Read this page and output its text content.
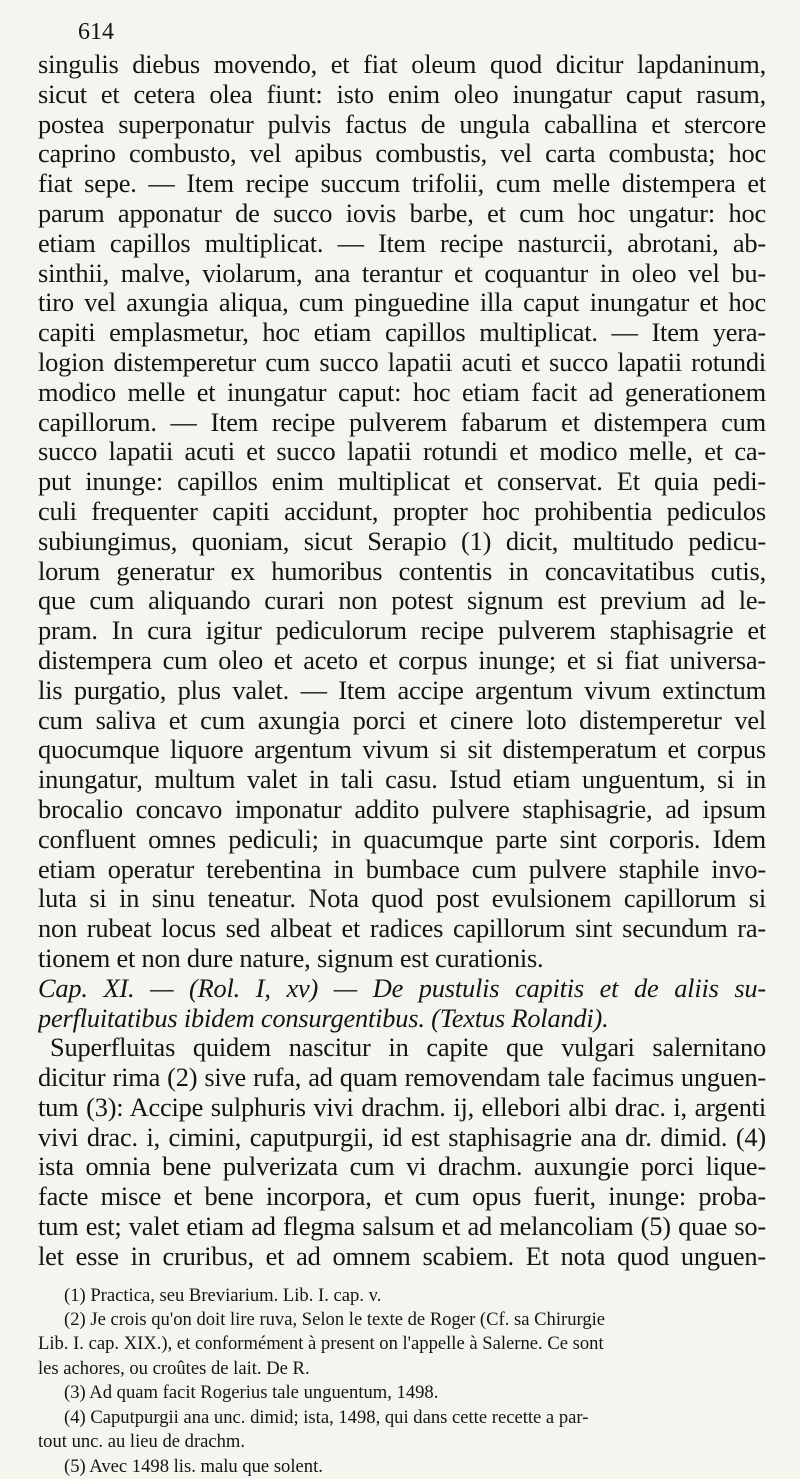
614
singulis diebus movendo, et fiat oleum quod dicitur lapdaninum,
sicut et cetera olea fiunt: isto enim oleo inungatur caput rasum,
postea superponatur pulvis factus de ungula caballina et stercore
caprino combusto, vel apibus combustis, vel carta combusta; hoc
fiat sepe. — Item recipe succum trifolii, cum melle distempera et
parum apponatur de succo iovis barbe, et cum hoc ungatur: hoc
etiam capillos multiplicat. — Item recipe nasturcii, abrotani, ab-
sinthii, malve, violarum, ana terantur et coquantur in oleo vel bu-
tiro vel axungia aliqua, cum pinguedine illa caput inungatur et hoc
capiti emplasmetur, hoc etiam capillos multiplicat. — Item yera-
logion distemperetur cum succo lapatii acuti et succo lapatii rotundi
modico melle et inungatur caput: hoc etiam facit ad generationem
capillorum. — Item recipe pulverem fabarum et distempera cum
succo lapatii acuti et succo lapatii rotundi et modico melle, et ca-
put inunge: capillos enim multiplicat et conservat. Et quia pedi-
culi frequenter capiti accidunt, propter hoc prohibentia pediculos
subiungimus, quoniam, sicut Serapio (1) dicit, multitudo pedicu-
lorum generatur ex humoribus contentis in concavitatibus cutis,
que cum aliquando curari non potest signum est previum ad le-
pram. In cura igitur pediculorum recipe pulverem staphisagrie et
distempera cum oleo et aceto et corpus inunge; et si fiat universa-
lis purgatio, plus valet. — Item accipe argentum vivum extinctum
cum saliva et cum axungia porci et cinere loto distemperetur vel
quocumque liquore argentum vivum si sit distemperatum et corpus
inungatur, multum valet in tali casu. Istud etiam unguentum, si in
brocalio concavo imponatur addito pulvere staphisagrie, ad ipsum
confluent omnes pediculi; in quacumque parte sint corporis. Idem
etiam operatur terebentina in bumbace cum pulvere staphile invo-
luta si in sinu teneatur. Nota quod post evulsionem capillorum si
non rubeat locus sed albeat et radices capillorum sint secundum ra-
tionem et non dure nature, signum est curationis.
Cap. XI. — (Rol. I, xv) — De pustulis capitis et de aliis su-
perfluitatibus ibidem consurgentibus. (Textus Rolandi).
Superfluitas quidem nascitur in capite que vulgari salernitano
dicitur rima (2) sive rufa, ad quam removendam tale facimus unguen-
tum (3): Accipe sulphuris vivi drachm. ij, ellebori albi drac. i, argenti
vivi drac. i, cimini, caputpurgii, id est staphisagrie ana dr. dimid. (4)
ista omnia bene pulverizata cum vi drachm. auxungie porci lique-
facte misce et bene incorpora, et cum opus fuerit, inunge: proba-
tum est; valet etiam ad flegma salsum et ad melancoliam (5) quae so-
let esse in cruribus, et ad omnem scabiem. Et nota quod unguen-
(1) Practica, seu Breviarium. Lib. I. cap. v.
(2) Je crois qu'on doit lire ruva, Selon le texte de Roger (Cf. sa Chirurgie
Lib. I. cap. XIX.), et conformément à present on l'appelle à Salerne. Ce sont
les achores, ou croûtes de lait. De R.
(3) Ad quam facit Rogerius tale unguentum, 1498.
(4) Caputpurgii ana unc. dimid; ista, 1498, qui dans cette recette a par-
tout unc. au lieu de drachm.
(5) Avec 1498 lis. malu que solent.
